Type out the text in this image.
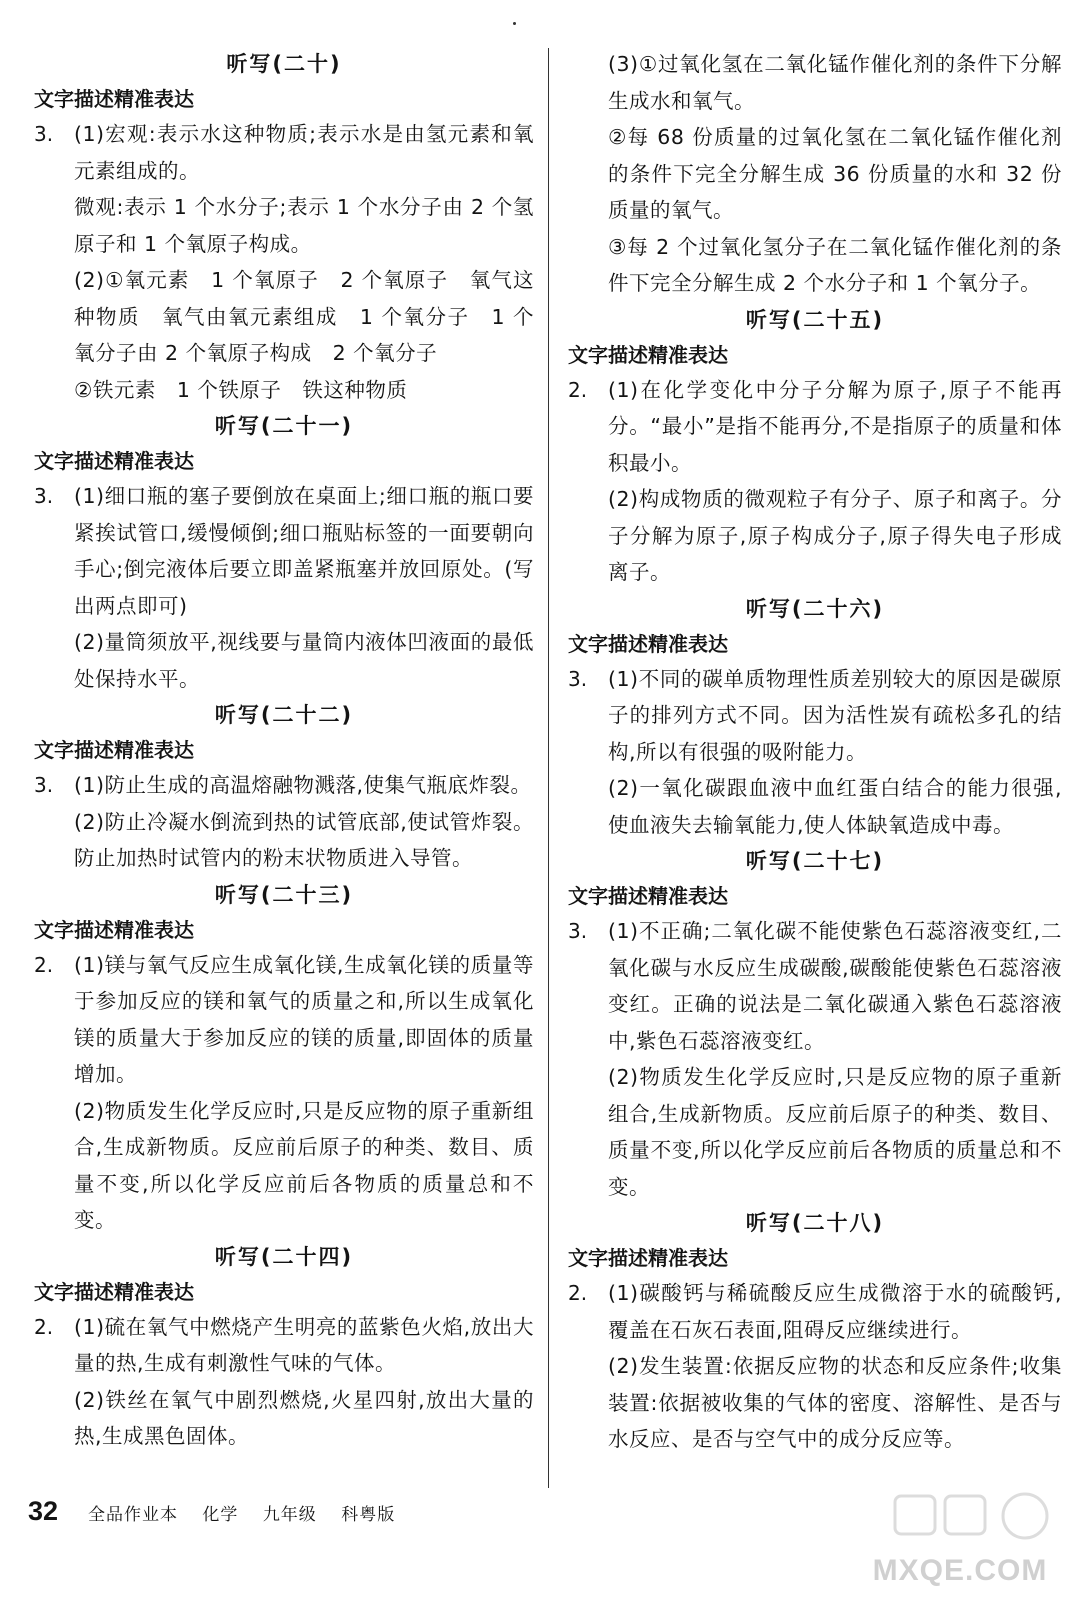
听写(二十)
文字描述精准表达
3. (1)宏观:表示水这种物质;表示水是由氢元素和氧元素组成的。
微观:表示 1 个水分子;表示 1 个水分子由 2 个氢原子和 1 个氧原子构成。
(2)①氧元素　1 个氧原子　2 个氧原子　氧气这种物质　氧气由氧元素组成　1 个氧分子　1 个氧分子由 2 个氧原子构成　2 个氧分子
②铁元素　1 个铁原子　铁这种物质
听写(二十一)
文字描述精准表达
3. (1)细口瓶的塞子要倒放在桌面上;细口瓶的瓶口要紧挨试管口,缓慢倾倒;细口瓶贴标签的一面要朝向手心;倒完液体后要立即盖紧瓶塞并放回原处。(写出两点即可)
(2)量筒须放平,视线要与量筒内液体凹液面的最低处保持水平。
听写(二十二)
文字描述精准表达
3. (1)防止生成的高温熔融物溅落,使集气瓶底炸裂。
(2)防止冷凝水倒流到热的试管底部,使试管炸裂。防止加热时试管内的粉末状物质进入导管。
听写(二十三)
文字描述精准表达
2. (1)镁与氧气反应生成氧化镁,生成氧化镁的质量等于参加反应的镁和氧气的质量之和,所以生成氧化镁的质量大于参加反应的镁的质量,即固体的质量增加。
(2)物质发生化学反应时,只是反应物的原子重新组合,生成新物质。反应前后原子的种类、数目、质量不变,所以化学反应前后各物质的质量总和不变。
听写(二十四)
文字描述精准表达
2. (1)硫在氧气中燃烧产生明亮的蓝紫色火焰,放出大量的热,生成有刺激性气味的气体。
(2)铁丝在氧气中剧烈燃烧,火星四射,放出大量的热,生成黑色固体。
(3)①过氧化氢在二氧化锰作催化剂的条件下分解生成水和氧气。
②每 68 份质量的过氧化氢在二氧化锰作催化剂的条件下完全分解生成 36 份质量的水和 32 份质量的氧气。
③每 2 个过氧化氢分子在二氧化锰作催化剂的条件下完全分解生成 2 个水分子和 1 个氧分子。
听写(二十五)
文字描述精准表达
2. (1)在化学变化中分子分解为原子,原子不能再分。“最小”是指不能再分,不是指原子的质量和体积最小。
(2)构成物质的微观粒子有分子、原子和离子。分子分解为原子,原子构成分子,原子得失电子形成离子。
听写(二十六)
文字描述精准表达
3. (1)不同的碳单质物理性质差别较大的原因是碳原子的排列方式不同。因为活性炭有疏松多孔的结构,所以有很强的吸附能力。
(2)一氧化碳跟血液中血红蛋白结合的能力很强,使血液失去输氧能力,使人体缺氧造成中毒。
听写(二十七)
文字描述精准表达
3. (1)不正确;二氧化碳不能使紫色石蕊溶液变红,二氧化碳与水反应生成碳酸,碳酸能使紫色石蕊溶液变红。正确的说法是二氧化碳通入紫色石蕊溶液中,紫色石蕊溶液变红。
(2)物质发生化学反应时,只是反应物的原子重新组合,生成新物质。反应前后原子的种类、数目、质量不变,所以化学反应前后各物质的质量总和不变。
听写(二十八)
文字描述精准表达
2. (1)碳酸钙与稀硫酸反应生成微溶于水的硫酸钙,覆盖在石灰石表面,阻碍反应继续进行。
(2)发生装置:依据反应物的状态和反应条件;收集装置:依据被收集的气体的密度、溶解性、是否与水反应、是否与空气中的成分反应等。
32 全品作业本 化学 九年级 科粤版
MXQE.COM
